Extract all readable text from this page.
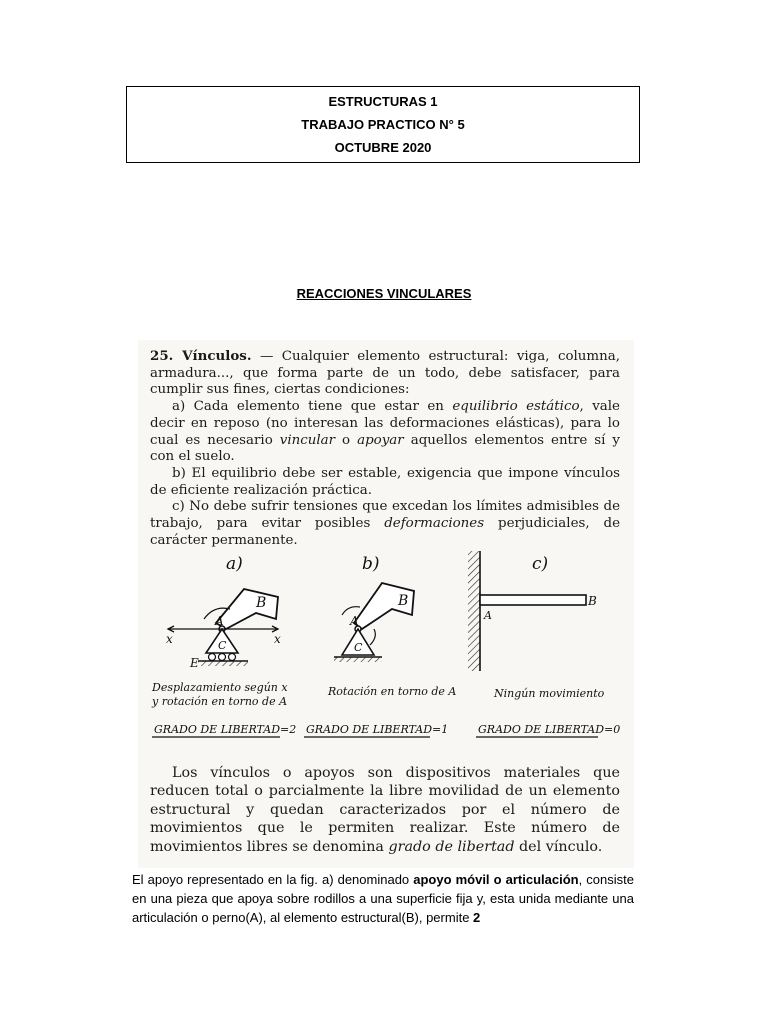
ESTRUCTURAS 1
TRABAJO PRACTICO N° 5
OCTUBRE 2020
REACCIONES VINCULARES

25. Vínculos. — Cualquier elemento estructural: viga, columna, armadura..., que forma parte de un todo, debe satisfacer, para cumplir sus fines, ciertas condiciones:

a) Cada elemento tiene que estar en equilibrio estático, vale decir en reposo (no interesan las deformaciones elásticas), para lo cual es necesario vincular o apoyar aquellos elementos entre sí y con el suelo.

b) El equilibrio debe ser estable, exigencia que impone vínculos de eficiente realización práctica.

c) No debe sufrir tensiones que excedan los límites admisibles de trabajo, para evitar posibles deformaciones perjudiciales, de carácter permanente.

a)
B
A
C
E
x	x
Desplazamiento según x
y rotación en torno de A
GRADO DE LIBERTAD=2
b)
B
A
C
Rotación en torno de A
GRADO DE LIBERTAD=1
c)
A
B
Ningún movimiento
GRADO DE LIBERTAD=0

Los vínculos o apoyos son dispositivos materiales que reducen total o parcialmente la libre movilidad de un elemento estructural y quedan caracterizados por el número de movimientos que le permiten realizar. Este número de movimientos libres se denomina grado de libertad del vínculo.

El apoyo representado en la fig. a) denominado apoyo móvil o articulación, consiste en una pieza que apoya sobre rodillos a una superficie fija y, esta unida mediante una articulación o perno(A), al elemento estructural(B), permite 2
